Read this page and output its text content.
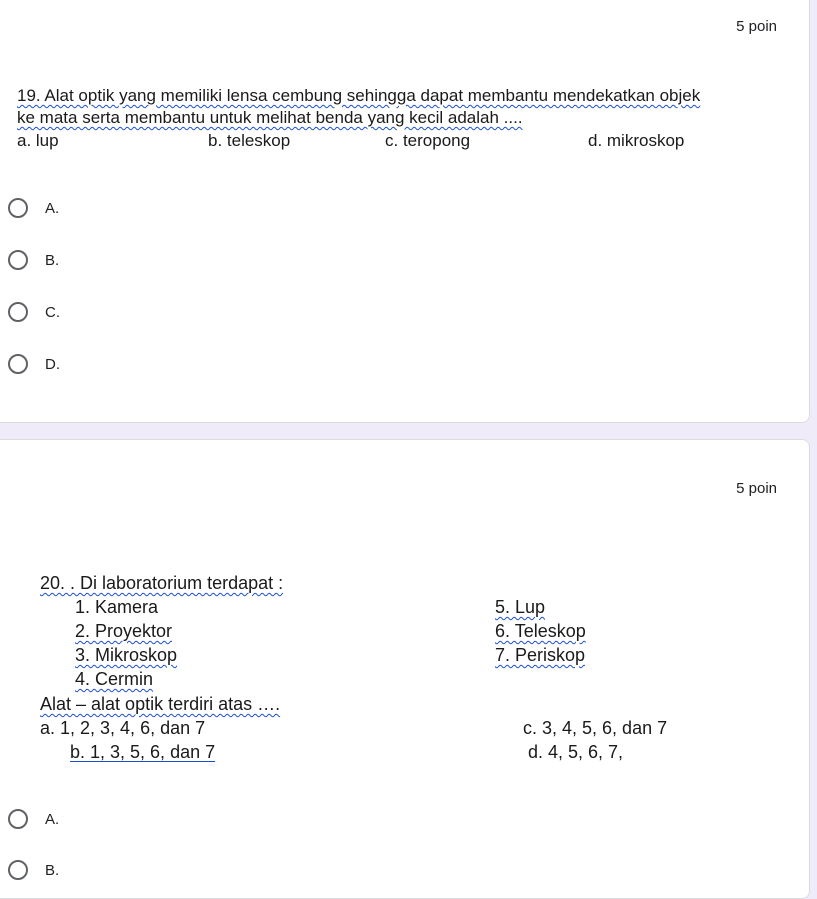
5 poin
19. Alat optik yang memiliki lensa cembung sehingga dapat membantu mendekatkan objek
ke mata serta membantu untuk melihat benda yang kecil adalah ....
a. lup	b. teleskop	c. teropong	d. mikroskop
A.
B.
C.
D.
5 poin
20. . Di laboratorium terdapat :
1. Kamera
2. Proyektor
3. Mikroskop
4. Cermin
5. Lup
6. Teleskop
7. Periskop
Alat – alat optik terdiri atas ….
a. 1, 2, 3, 4, 6, dan 7	c. 3, 4, 5, 6, dan 7
b. 1, 3, 5, 6, dan 7	d. 4, 5, 6, 7,
A.
B.
